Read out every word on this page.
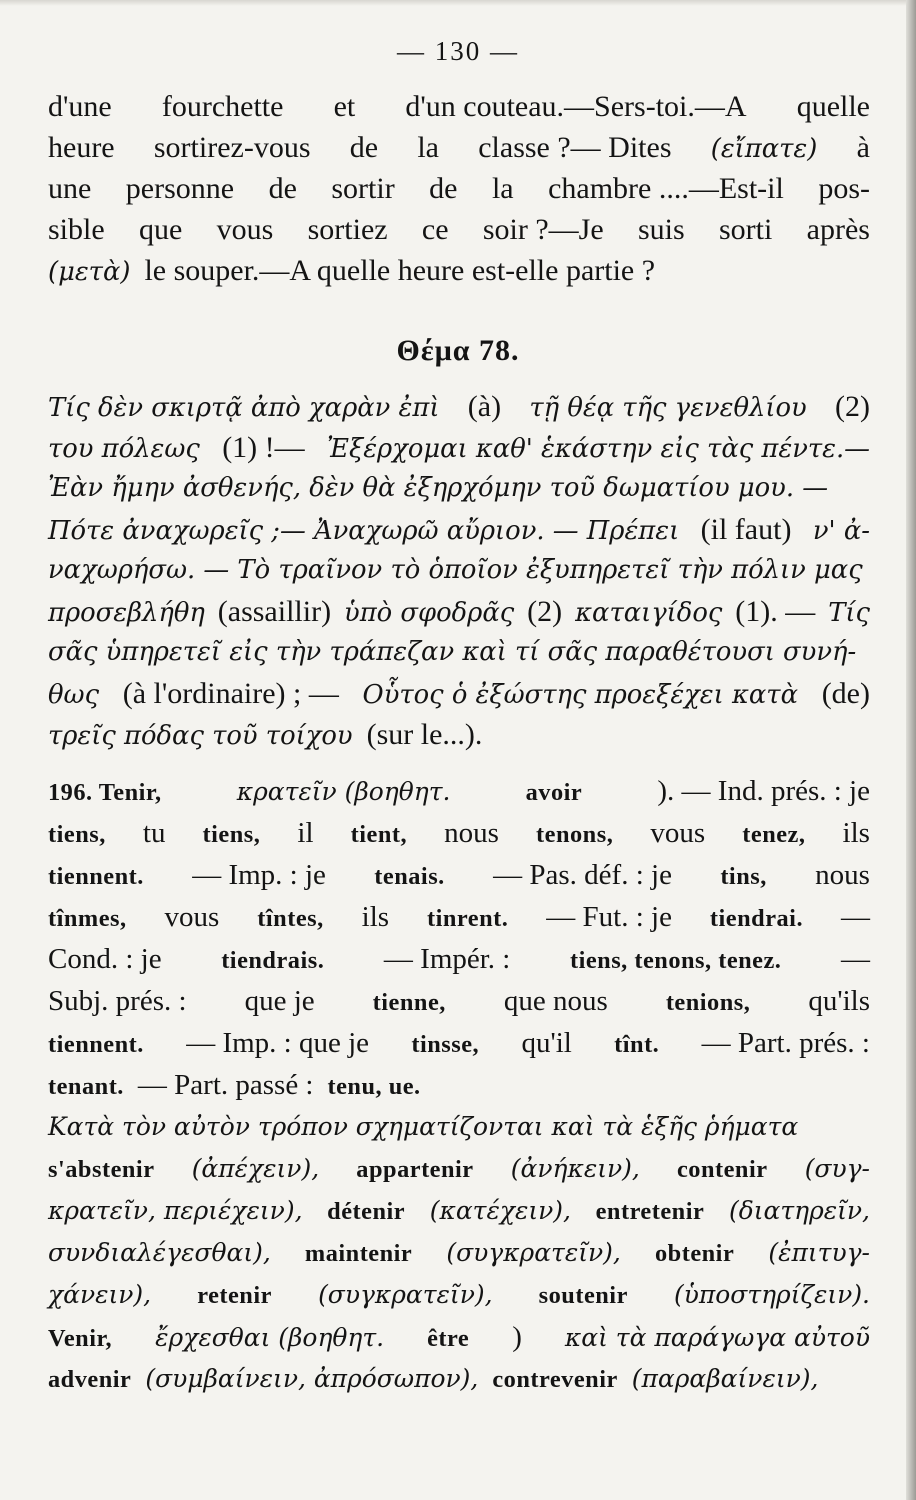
— 130 —
d'une fourchette et d'un couteau.—Sers-toi.—A quelle
heure sortirez-vous de la classe ?— Dites (εἴπατε) à
une personne de sortir de la chambre ....—Est-il pos-
sible que vous sortiez ce soir ?—Je suis sorti après
(μετὰ) le souper.—A quelle heure est-elle partie ?
Θέμα 78.
Τίς δὲν σκιρτᾷ ἀπὸ χαρὰν ἐπὶ (à) τῇ θέᾳ τῆς γενεθλίου (2)
του πόλεως (1) !— Ἐξέρχομαι καθ' ἑκάστην εἰς τὰς πέντε.—
Ἐὰν ἤμην ἀσθενής, δὲν θὰ ἐξηρχόμην τοῦ δωματίου μου. —
Πότε ἀναχωρεῖς ;— Ἀναχωρῶ αὔριον. — Πρέπει (il faut) ν' ἀ-
ναχωρήσω. — Τὸ τραῖνον τὸ ὁποῖον ἐξυπηρετεῖ τὴν πόλιν μας
προσεβλήθη (assaillir) ὑπὸ σφοδρᾶς (2) καταιγίδος (1). — Τίς
σᾶς ὑπηρετεῖ εἰς τὴν τράπεζαν καὶ τί σᾶς παραθέτουσι συνή-
θως (à l'ordinaire) ; — Οὗτος ὁ ἐξώστης προεξέχει κατὰ (de)
τρεῖς πόδας τοῦ τοίχου (sur le...).
196. Tenir,	κρατεῖν (βοηθητ.	avoir	). — Ind. prés. : je
tiens, tu tiens, il tient, nous tenons, vous tenez, ils
tiennent. — Imp. : je tenais. — Pas. déf. : je tins, nous
tînmes, vous tîntes, ils tinrent. — Fut. : je tiendrai. —
Cond. : je tiendrais. — Impér. : tiens, tenons, tenez. —
Subj. prés. : que je tienne, que nous tenions, qu'ils
tiennent. — Imp. : que je tinsse, qu'il tînt. — Part. prés. :
tenant. — Part. passé : tenu, ue.
Κατὰ τὸν αὐτὸν τρόπον σχηματίζονται καὶ τὰ ἑξῆς ῥήματα
s'abstenir (ἀπέχειν), appartenir (ἀνήκειν), contenir (συγ-
κρατεῖν, περιέχειν), détenir (κατέχειν), entretenir (διατηρεῖν,
συνδιαλέγεσθαι), maintenir (συγκρατεῖν), obtenir (ἐπιτυγ-
χάνειν), retenir (συγκρατεῖν), soutenir (ὑποστηρίζειν).
Venir, ἔρχεσθαι (βοηθητ. être ) καὶ τὰ παράγωγα αὐτοῦ
advenir (συμβαίνειν, ἀπρόσωπον), contrevenir (παραβαίνειν),
